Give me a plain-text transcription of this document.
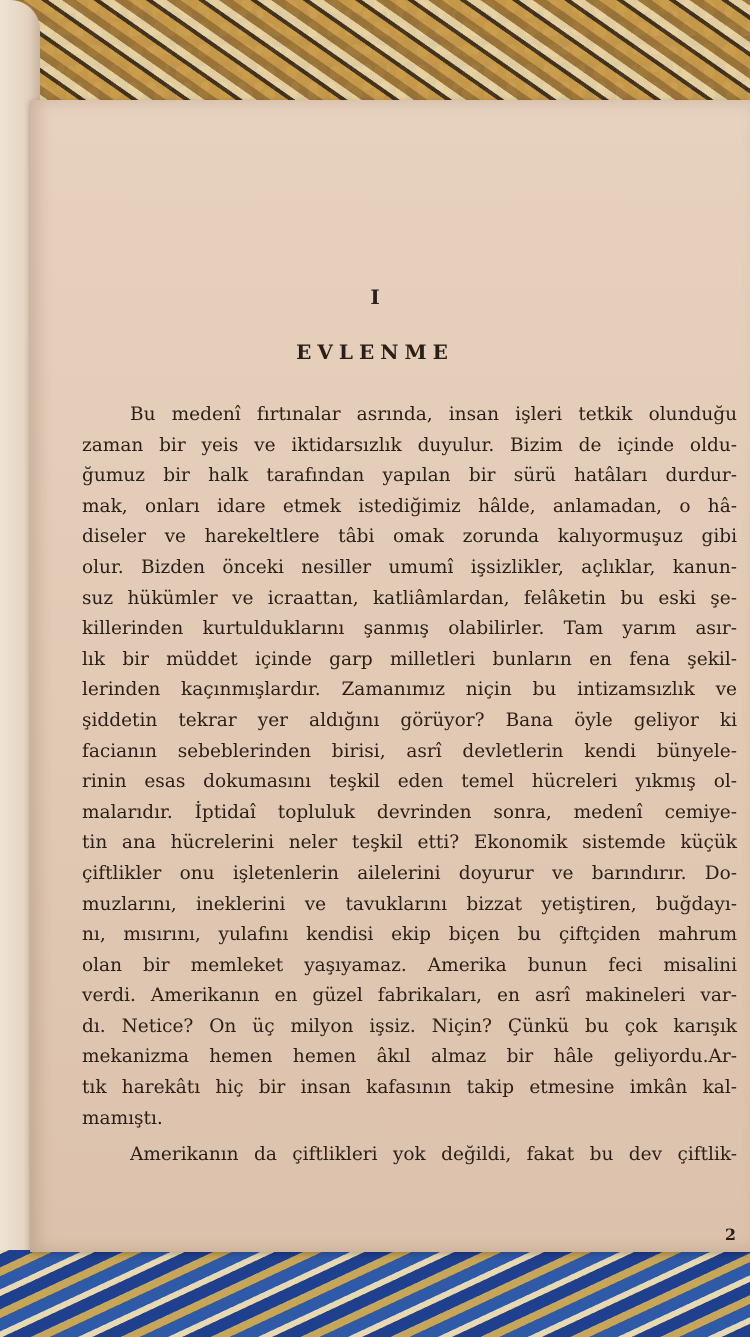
I
EVLENME
Bu medenî fırtınalar asrında, insan işleri tetkik olunduğu
zaman bir yeis ve iktidarsızlık duyulur. Bizim de içinde oldu-
ğumuz bir halk tarafından yapılan bir sürü hatâları durdur-
mak, onları idare etmek istediğimiz hâlde, anlamadan, o hâ-
diseler ve harekeltlere tâbi omak zorunda kalıyormuşuz gibi
olur. Bizden önceki nesiller umumî işsizlikler, açlıklar, kanun-
suz hükümler ve icraattan, katliâmlardan, felâketin bu eski şe-
killerinden kurtulduklarını şanmış olabilirler. Tam yarım asır-
lık bir müddet içinde garp milletleri bunların en fena şekil-
lerinden kaçınmışlardır. Zamanımız niçin bu intizamsızlık ve
şiddetin tekrar yer aldığını görüyor? Bana öyle geliyor ki
facianın sebeblerinden birisi, asrî devletlerin kendi bünyele-
rinin esas dokumasını teşkil eden temel hücreleri yıkmış ol-
malarıdır. İptidaî topluluk devrinden sonra, medenî cemiye-
tin ana hücrelerini neler teşkil etti? Ekonomik sistemde küçük
çiftlikler onu işletenlerin ailelerini doyurur ve barındırır. Do-
muzlarını, ineklerini ve tavuklarını bizzat yetiştiren, buğdayı-
nı, mısırını, yulafını kendisi ekip biçen bu çiftçiden mahrum
olan bir memleket yaşıyamaz. Amerika bunun feci misalini
verdi. Amerikanın en güzel fabrikaları, en asrî makineleri var-
dı. Netice? On üç milyon işsiz. Niçin? Çünkü bu çok karışık
mekanizma hemen hemen âkıl almaz bir hâle geliyordu.Ar-
tık harekâtı hiç bir insan kafasının takip etmesine imkân kal-
mamıştı.
Amerikanın da çiftlikleri yok değildi, fakat bu dev çiftlik-
2
